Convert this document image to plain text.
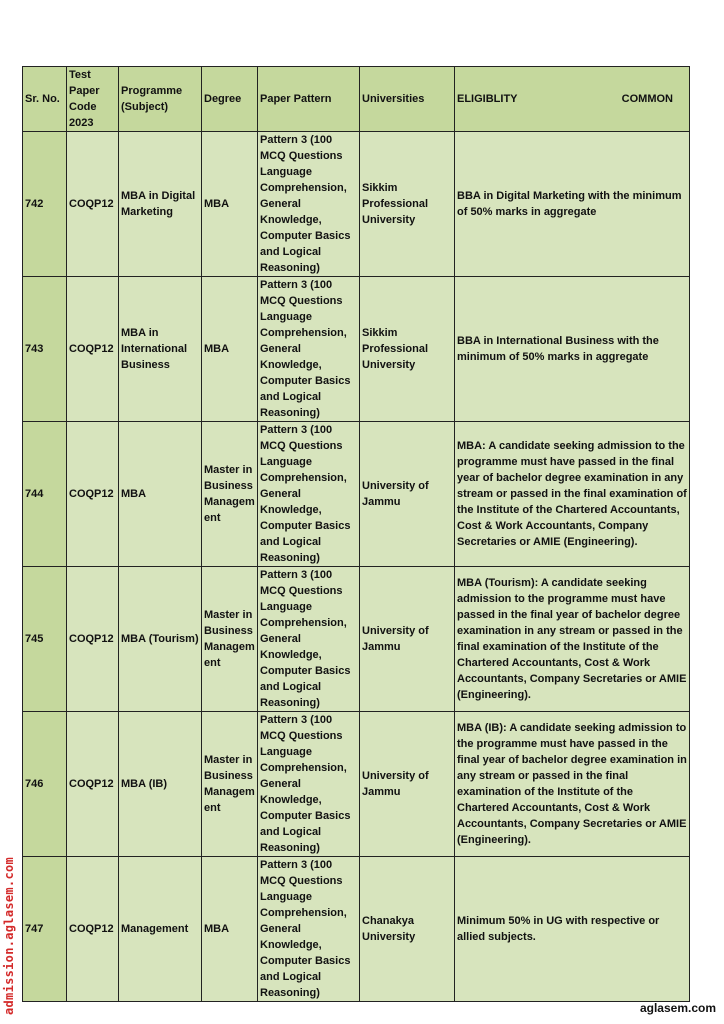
Sr. No.	Test Paper Code 2023	Programme (Subject)	Degree	Paper Pattern	Universities	ELIGIBLITY COMMON

742	COQP12	MBA in Digital Marketing	MBA	Pattern 3 (100 MCQ Questions Language Comprehension, General Knowledge, Computer Basics and Logical Reasoning)	Sikkim Professional University	BBA in Digital Marketing with the minimum of 50% marks in aggregate
743	COQP12	MBA in International Business	MBA	Pattern 3 (100 MCQ Questions Language Comprehension, General Knowledge, Computer Basics and Logical Reasoning)	Sikkim Professional University	BBA in International Business with the minimum of 50% marks in aggregate
744	COQP12	MBA	Master in Business Management	Pattern 3 (100 MCQ Questions Language Comprehension, General Knowledge, Computer Basics and Logical Reasoning)	University of Jammu	MBA: A candidate seeking admission to the programme must have passed in the final year of bachelor degree examination in any stream or passed in the final examination of the Institute of the Chartered Accountants, Cost & Work Accountants, Company Secretaries or AMIE (Engineering).
745	COQP12	MBA (Tourism)	Master in Business Management	Pattern 3 (100 MCQ Questions Language Comprehension, General Knowledge, Computer Basics and Logical Reasoning)	University of Jammu	MBA (Tourism): A candidate seeking admission to the programme must have passed in the final year of bachelor degree examination in any stream or passed in the final examination of the Institute of the Chartered Accountants, Cost & Work Accountants, Company Secretaries or AMIE (Engineering).
746	COQP12	MBA (IB)	Master in Business Management	Pattern 3 (100 MCQ Questions Language Comprehension, General Knowledge, Computer Basics and Logical Reasoning)	University of Jammu	MBA (IB): A candidate seeking admission to the programme must have passed in the final year of bachelor degree examination in any stream or passed in the final examination of the Institute of the Chartered Accountants, Cost & Work Accountants, Company Secretaries or AMIE (Engineering).
747	COQP12	Management	MBA	Pattern 3 (100 MCQ Questions Language Comprehension, General Knowledge, Computer Basics and Logical Reasoning)	Chanakya University	Minimum 50% in UG with respective or allied subjects.
admission.aglasem.com	aglasem.com
